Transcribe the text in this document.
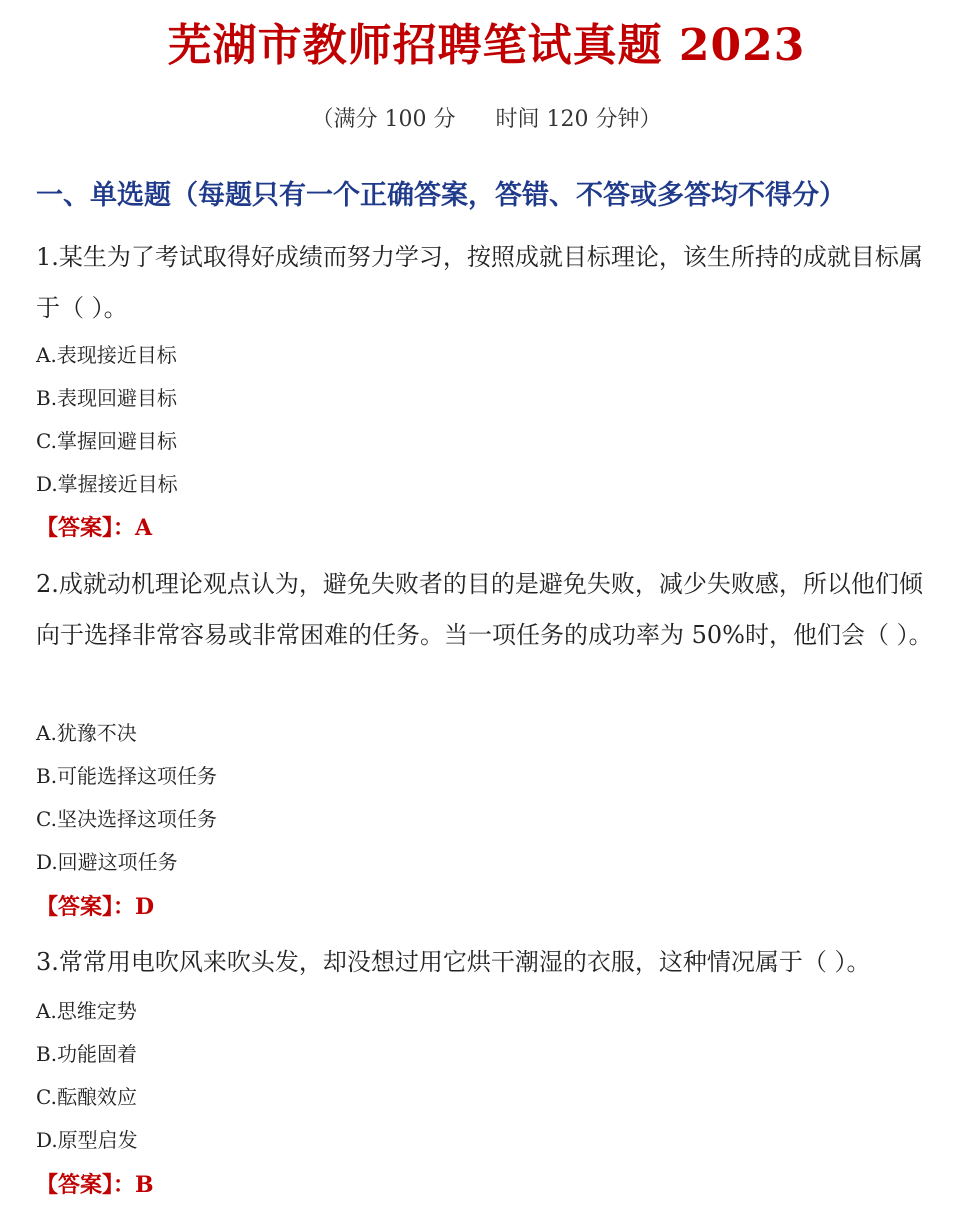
芜湖市教师招聘笔试真题 2023
（满分 100 分 时间 120 分钟）
一、单选题（每题只有一个正确答案，答错、不答或多答均不得分）
1.某生为了考试取得好成绩而努力学习，按照成就目标理论，该生所持的成就目标属于（ ）。
A.表现接近目标
B.表现回避目标
C.掌握回避目标
D.掌握接近目标
【答案】：A
2.成就动机理论观点认为，避免失败者的目的是避免失败，减少失败感，所以他们倾向于选择非常容易或非常困难的任务。当一项任务的成功率为 50%时，他们会（ ）。
A.犹豫不决
B.可能选择这项任务
C.坚决选择这项任务
D.回避这项任务
【答案】：D
3.常常用电吹风来吹头发，却没想过用它烘干潮湿的衣服，这种情况属于（ ）。
A.思维定势
B.功能固着
C.酝酿效应
D.原型启发
【答案】：B
